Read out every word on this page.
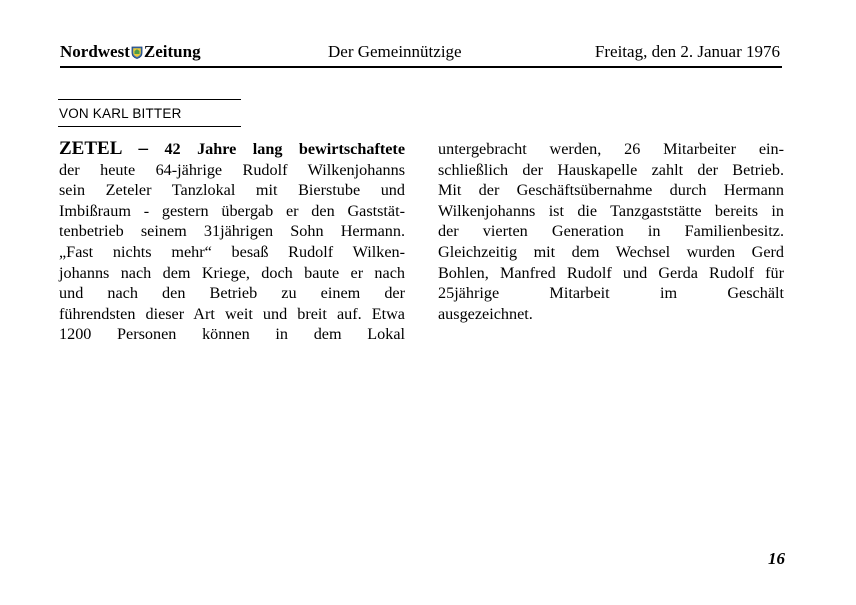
Nordwest Zeitung	Der Gemeinnützige	Freitag, den 2. Januar 1976
VON KARL BITTER
ZETEL – 42 Jahre lang bewirtschaftete
der heute 64-jährige Rudolf Wilkenjohanns
sein Zeteler Tanzlokal mit Bierstube und
Imbißraum - gestern übergab er den Gaststät-
tenbetrieb seinem 31jährigen Sohn Hermann.
„Fast nichts mehr“ besaß Rudolf Wilken-
johanns nach dem Kriege, doch baute er nach
und nach den Betrieb zu einem der
führendsten dieser Art weit und breit auf. Etwa
1200 Personen können in dem Lokal
untergebracht werden, 26 Mitarbeiter ein-
schließlich der Hauskapelle zahlt der Betrieb.
Mit der Geschäftsübernahme durch Hermann
Wilkenjohanns ist die Tanzgaststätte bereits in
der vierten Generation in Familienbesitz.
Gleichzeitig mit dem Wechsel wurden Gerd
Bohlen, Manfred Rudolf und Gerda Rudolf für
25jährige Mitarbeit im Geschält
ausgezeichnet.
16
